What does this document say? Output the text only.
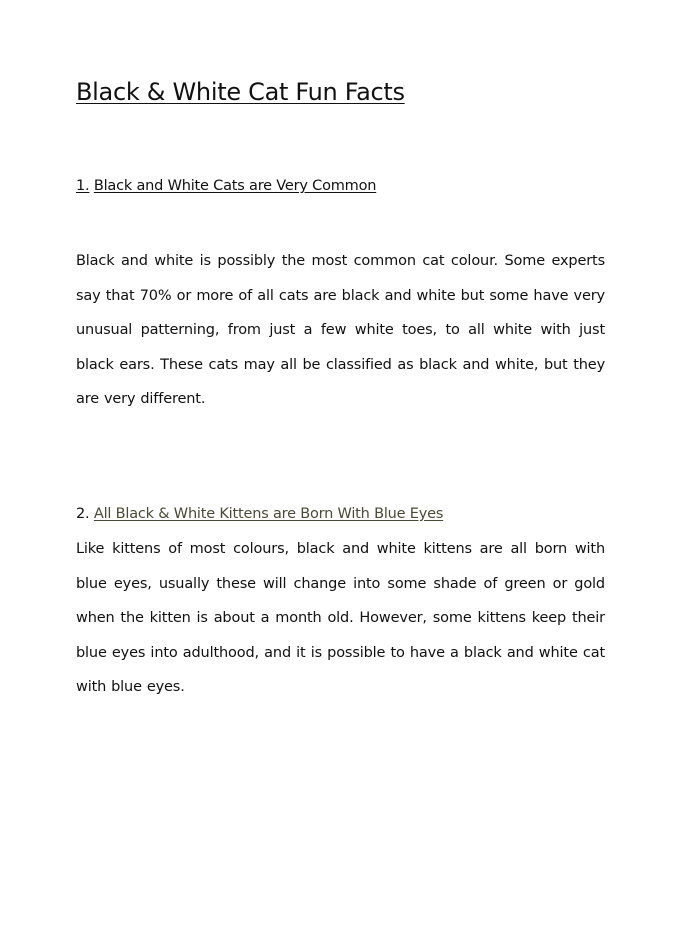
Black & White Cat Fun Facts
1. Black and White Cats are Very Common
Black and white is possibly the most common cat colour. Some experts say that 70% or more of all cats are black and white but some have very unusual patterning, from just a few white toes, to all white with just black ears. These cats may all be classified as black and white, but they are very different.
2. All Black & White Kittens are Born With Blue Eyes
Like kittens of most colours, black and white kittens are all born with blue eyes, usually these will change into some shade of green or gold when the kitten is about a month old. However, some kittens keep their blue eyes into adulthood, and it is possible to have a black and white cat with blue eyes.
